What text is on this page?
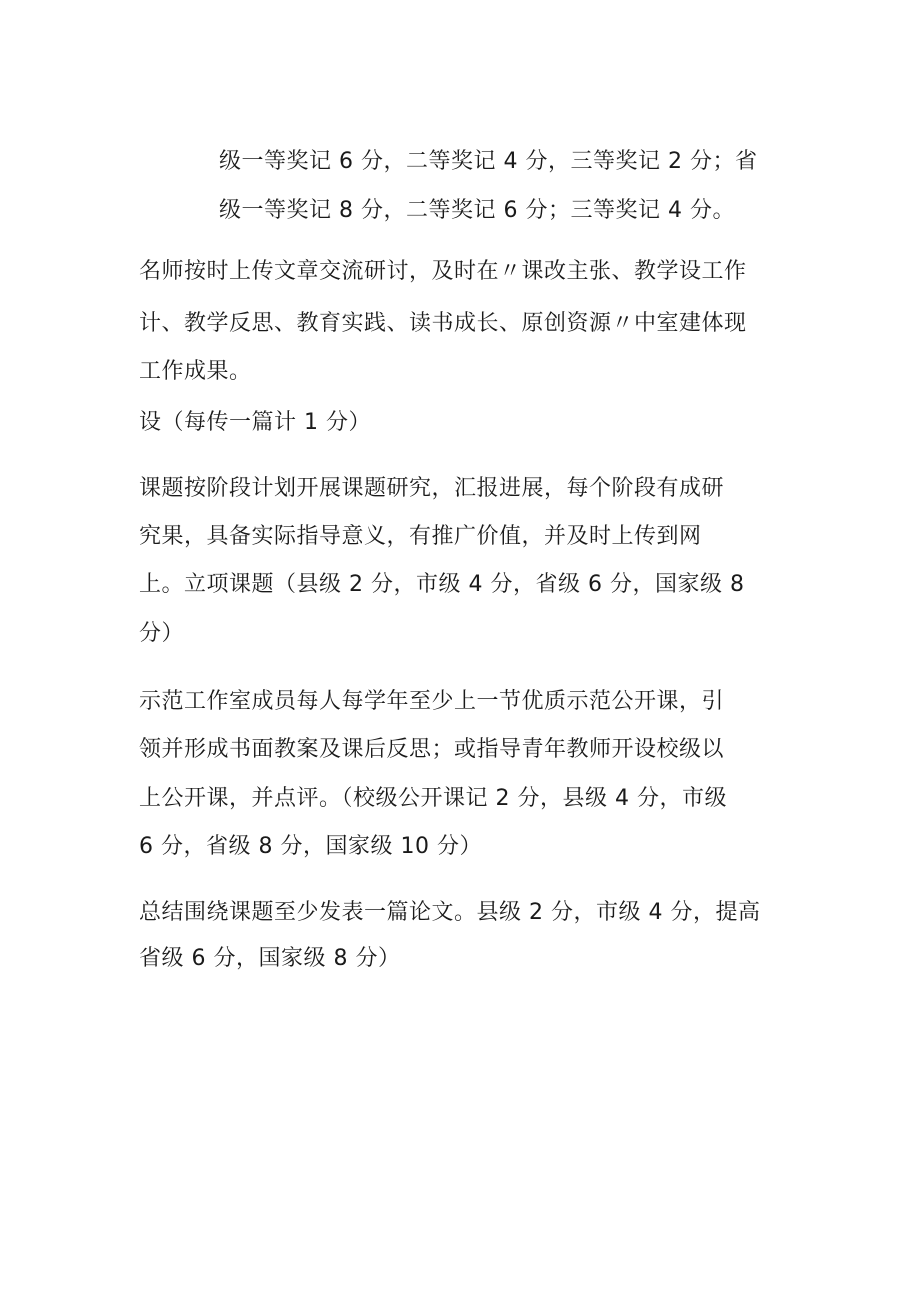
级一等奖记 6 分，二等奖记 4 分，三等奖记 2 分；省
级一等奖记 8 分，二等奖记 6 分；三等奖记 4 分。
名师按时上传文章交流研讨，及时在〃课改主张、教学设工作
计、教学反思、教育实践、读书成长、原创资源〃中室建体现
工作成果。
设（每传一篇计 1 分）
课题按阶段计划开展课题研究，汇报进展，每个阶段有成研
究果，具备实际指导意义，有推广价值，并及时上传到网
上。立项课题（县级 2 分，市级 4 分，省级 6 分，国家级 8
分）
示范工作室成员每人每学年至少上一节优质示范公开课，引
领并形成书面教案及课后反思；或指导青年教师开设校级以
上公开课，并点评。（校级公开课记 2 分，县级 4 分，市级
6 分，省级 8 分，国家级 10 分）
总结围绕课题至少发表一篇论文。县级 2 分，市级 4 分，提高
省级 6 分，国家级 8 分）
